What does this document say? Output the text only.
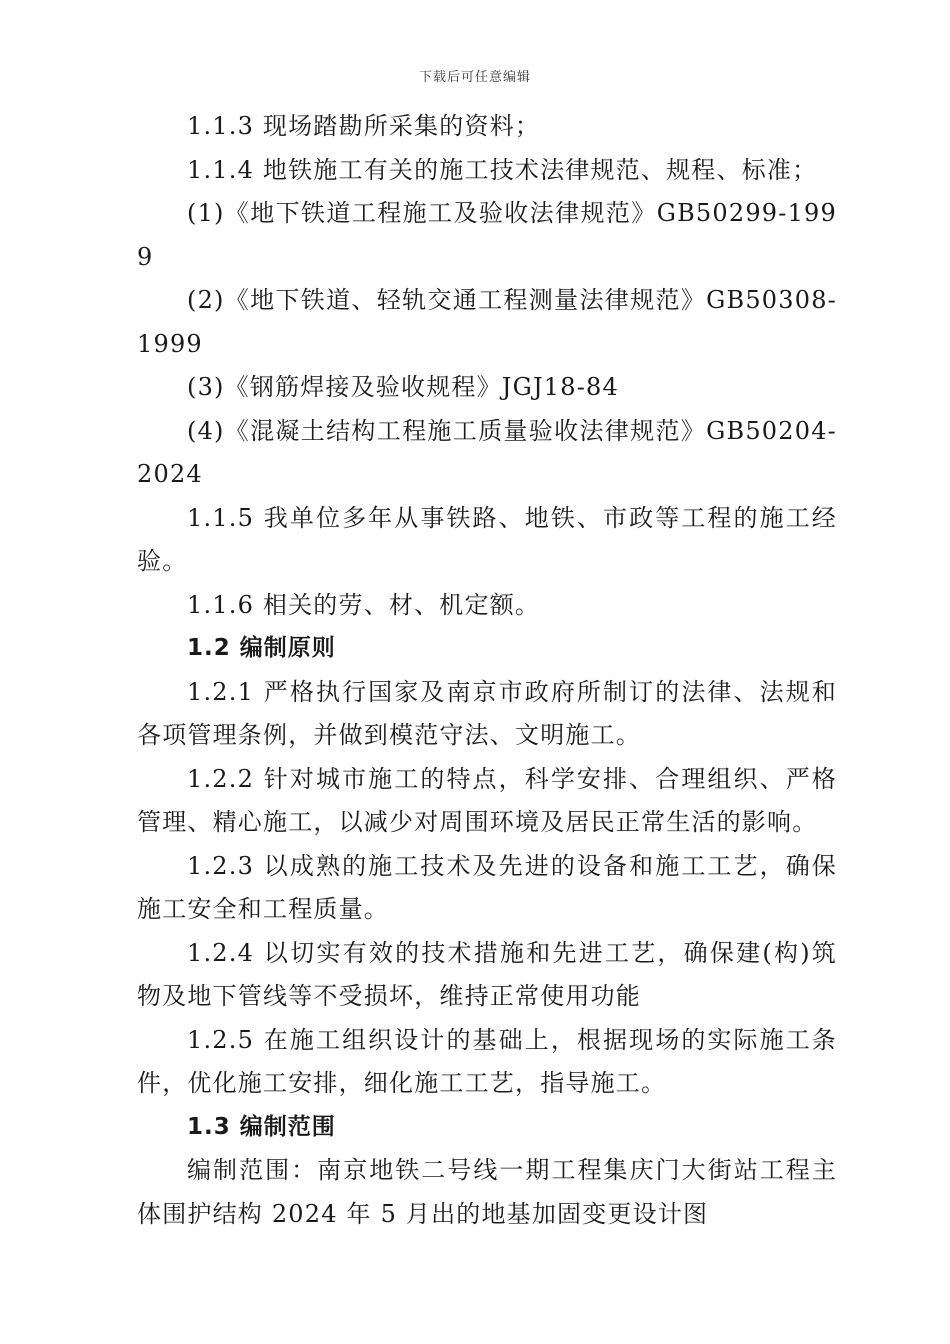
下载后可任意编辑

1.1.3 现场踏勘所采集的资料；

1.1.4 地铁施工有关的施工技术法律规范、规程、标准；

(1)《地下铁道工程施工及验收法律规范》GB50299-1999

(2)《地下铁道、轻轨交通工程测量法律规范》GB50308-1999

(3)《钢筋焊接及验收规程》JGJ18-84

(4)《混凝土结构工程施工质量验收法律规范》GB50204-2024

1.1.5 我单位多年从事铁路、地铁、市政等工程的施工经验。

1.1.6 相关的劳、材、机定额。

1.2 编制原则

1.2.1 严格执行国家及南京市政府所制订的法律、法规和各项管理条例，并做到模范守法、文明施工。

1.2.2 针对城市施工的特点，科学安排、合理组织、严格管理、精心施工，以减少对周围环境及居民正常生活的影响。

1.2.3 以成熟的施工技术及先进的设备和施工工艺，确保施工安全和工程质量。

1.2.4 以切实有效的技术措施和先进工艺，确保建(构)筑物及地下管线等不受损坏，维持正常使用功能

1.2.5 在施工组织设计的基础上，根据现场的实际施工条件，优化施工安排，细化施工工艺，指导施工。

1.3 编制范围

编制范围：南京地铁二号线一期工程集庆门大街站工程主体围护结构 2024 年 5 月出的地基加固变更设计图
